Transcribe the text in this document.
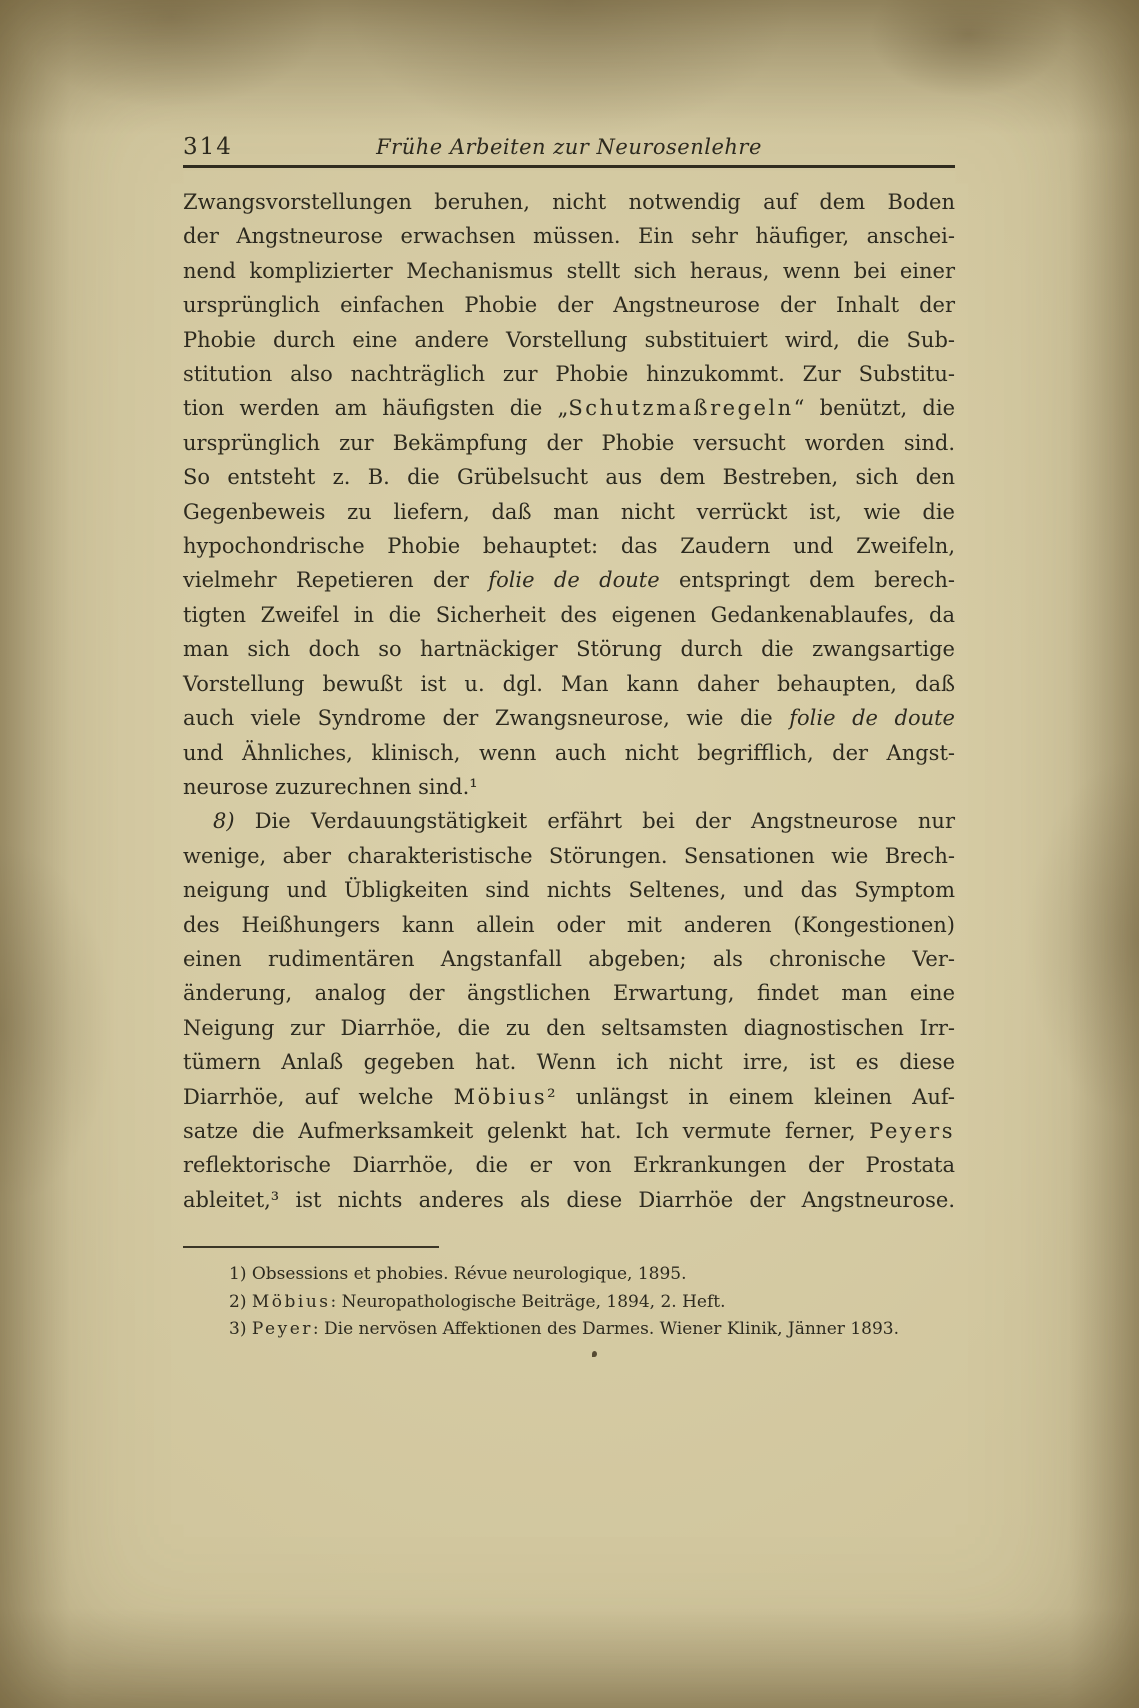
314	Frühe Arbeiten zur Neurosenlehre
Zwangsvorstellungen beruhen, nicht notwendig auf dem Boden
der Angstneurose erwachsen müssen. Ein sehr häufiger, anschei-
nend komplizierter Mechanismus stellt sich heraus, wenn bei einer
ursprünglich einfachen Phobie der Angstneurose der Inhalt der
Phobie durch eine andere Vorstellung substituiert wird, die Sub-
stitution also nachträglich zur Phobie hinzukommt. Zur Substitu-
tion werden am häufigsten die „Schutzmaßregeln“ benützt, die
ursprünglich zur Bekämpfung der Phobie versucht worden sind.
So entsteht z. B. die Grübelsucht aus dem Bestreben, sich den
Gegenbeweis zu liefern, daß man nicht verrückt ist, wie die
hypochondrische Phobie behauptet: das Zaudern und Zweifeln,
vielmehr Repetieren der folie de doute entspringt dem berech-
tigten Zweifel in die Sicherheit des eigenen Gedankenablaufes, da
man sich doch so hartnäckiger Störung durch die zwangsartige
Vorstellung bewußt ist u. dgl. Man kann daher behaupten, daß
auch viele Syndrome der Zwangsneurose, wie die folie de doute
und Ähnliches, klinisch, wenn auch nicht begrifflich, der Angst-
neurose zuzurechnen sind.¹
8) Die Verdauungstätigkeit erfährt bei der Angstneurose nur
wenige, aber charakteristische Störungen. Sensationen wie Brech-
neigung und Übligkeiten sind nichts Seltenes, und das Symptom
des Heißhungers kann allein oder mit anderen (Kongestionen)
einen rudimentären Angstanfall abgeben; als chronische Ver-
änderung, analog der ängstlichen Erwartung, findet man eine
Neigung zur Diarrhöe, die zu den seltsamsten diagnostischen Irr-
tümern Anlaß gegeben hat. Wenn ich nicht irre, ist es diese
Diarrhöe, auf welche Möbius² unlängst in einem kleinen Auf-
satze die Aufmerksamkeit gelenkt hat. Ich vermute ferner, Peyers
reflektorische Diarrhöe, die er von Erkrankungen der Prostata
ableitet,³ ist nichts anderes als diese Diarrhöe der Angstneurose.
1) Obsessions et phobies. Révue neurologique, 1895.
2) Möbius: Neuropathologische Beiträge, 1894, 2. Heft.
3) Peyer: Die nervösen Affektionen des Darmes. Wiener Klinik, Jänner 1893.
